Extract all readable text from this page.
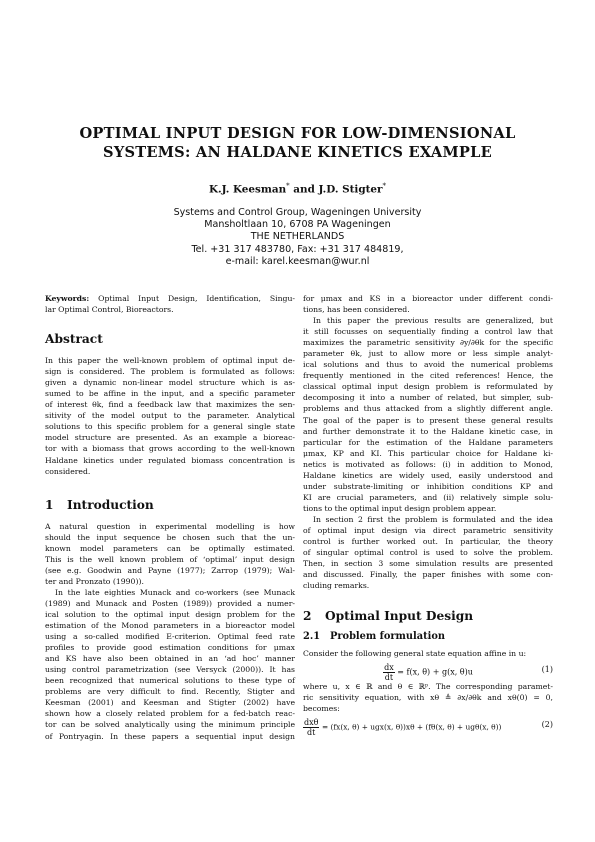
OPTIMAL INPUT DESIGN FOR LOW-DIMENSIONAL
SYSTEMS: AN HALDANE KINETICS EXAMPLE
K.J. Keesman* and J.D. Stigter*
Systems and Control Group, Wageningen University
Mansholtlaan 10, 6708 PA Wageningen
THE NETHERLANDS
Tel. +31 317 483780, Fax: +31 317 484819,
e-mail: karel.keesman@wur.nl
Keywords: Optimal Input Design, Identification, Singu-
lar Optimal Control, Bioreactors.
Abstract
In this paper the well-known problem of optimal input de-
sign is considered. The problem is formulated as follows:
given a dynamic non-linear model structure which is as-
sumed to be affine in the input, and a specific parameter
of interest θk, find a feedback law that maximizes the sen-
sitivity of the model output to the parameter. Analytical
solutions to this specific problem for a general single state
model structure are presented. As an example a bioreac-
tor with a biomass that grows according to the well-known
Haldane kinetics under regulated biomass concentration is
considered.
1 Introduction
A natural question in experimental modelling is how
should the input sequence be chosen such that the un-
known model parameters can be optimally estimated.
This is the well known problem of ‘optimal’ input design
(see e.g. Goodwin and Payne (1977); Zarrop (1979); Wal-
ter and Pronzato (1990)).
In the late eighties Munack and co-workers (see Munack
(1989) and Munack and Posten (1989)) provided a numer-
ical solution to the optimal input design problem for the
estimation of the Monod parameters in a bioreactor model
using a so-called modified E-criterion. Optimal feed rate
profiles to provide good estimation conditions for μmax
and KS have also been obtained in an ‘ad hoc’ manner
using control parametrization (see Versyck (2000)). It has
been recognized that numerical solutions to these type of
problems are very difficult to find. Recently, Stigter and
Keesman (2001) and Keesman and Stigter (2002) have
shown how a closely related problem for a fed-batch reac-
tor can be solved analytically using the minimum principle
of Pontryagin. In these papers a sequential input design
for μmax and KS in a bioreactor under different condi-
tions, has been considered.
In this paper the previous results are generalized, but
it still focusses on sequentially finding a control law that
maximizes the parametric sensitivity ∂y/∂θk for the specific
parameter θk, just to allow more or less simple analyt-
ical solutions and thus to avoid the numerical problems
frequently mentioned in the cited references! Hence, the
classical optimal input design problem is reformulated by
decomposing it into a number of related, but simpler, sub-
problems and thus attacked from a slightly different angle.
The goal of the paper is to present these general results
and further demonstrate it to the Haldane kinetic case, in
particular for the estimation of the Haldane parameters
μmax, KP and KI. This particular choice for Haldane ki-
netics is motivated as follows: (i) in addition to Monod,
Haldane kinetics are widely used, easily understood and
under substrate-limiting or inhibition conditions KP and
KI are crucial parameters, and (ii) relatively simple solu-
tions to the optimal input design problem appear.
In section 2 first the problem is formulated and the idea
of optimal input design via direct parametric sensitivity
control is further worked out. In particular, the theory
of singular optimal control is used to solve the problem.
Then, in section 3 some simulation results are presented
and discussed. Finally, the paper finishes with some con-
cluding remarks.
2 Optimal Input Design
2.1 Problem formulation
Consider the following general state equation affine in u:
$\frac{dx}{dt} = f(x$, θ) + g(x, θ)u	(1)
where u, x ∈ ℝ and θ ∈ ℝᵖ. The corresponding paramet-
ric sensitivity equation, with xθ ≜ ∂x/∂θk and xθ(0) = 0,
becomes:
$\frac{\text{dxθ}}{dt} = (fx(x$, θ) + ugx(x, θ))xθ + (fθ(x, θ) + ugθ(x, θ))	(2)
